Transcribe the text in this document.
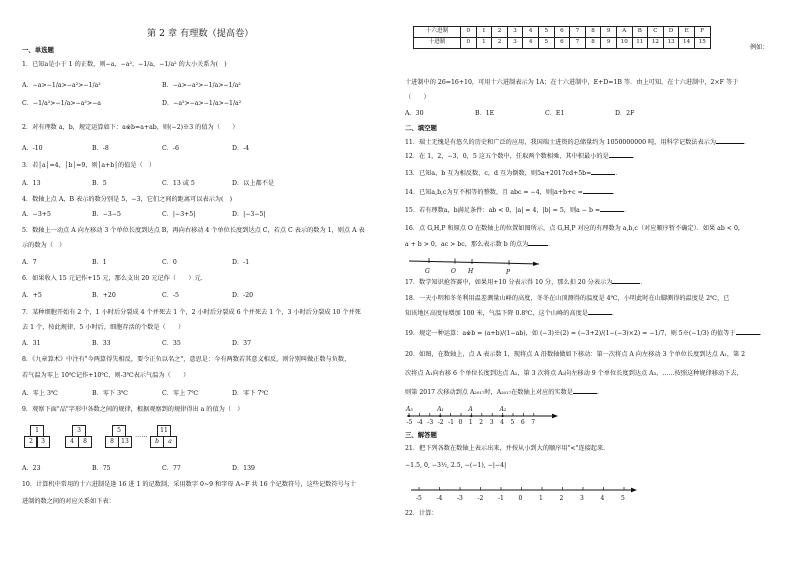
第 2 章 有理数（提高卷）
一、单选题
1．已知a是小于 1 的正数，则−a，−a²，−1/a，−1/a² 的大小关系为(　)
A．−a>−1/a>−a²>−1/a²	B．−a>−a²>−1/a>−1/a²
C．−1/a²>−1/a>−a²>−a	D．−a²>−a>−1/a>−1/a²
2．对有理数 a，b，规定运算如下：a※b=a+ab，则(−2)※3 的值为（　　）
A．-10	B．-8	C．-6	D．-4
3．若│a│=4，│b│=9，则│a+b│的值是（　）
A．13	B．5	C．13 或 5	D．以上都不是
4．数轴上点 A，B 表示的数分别是 5，−3，它们之间的距离可以表示为(　)
A．−3+5	B．−3−5	C．|−3+5|	D．|−3−5|
5．数轴上一动点 A 向左移动 3 个单位长度到达点 B，再向右移动 4 个单位长度到达点 C，若点 C 表示的数为 1，则点 A 表
示的数为（　）
A．7	B．1	C．0	D．-1
6．如果收入 15 元记作+15 元，那么支出 20 元记作（　　）元．
A．+5	B．+20	C．-5	D．-20
7．某种细胞开始有 2 个，1 小时后分裂成 4 个并死去 1 个，2 小时后分裂成 6 个并死去 1 个，3 小时后分裂成 10 个并死
去 1 个，按此规律，5 小时后，细胞存活的个数是（　　）
A．31	B．33	C．35	D．37
8．《九章算术》中注有"今两算得失相反，要令正负以名之"，意思是：今有两数若其意义相反，则分别叫做正数与负数，
若气温为零上 10℃记作+10℃，则-3℃表示气温为（　　）
A．零上 3℃	B．零下 3℃	C．零上 7℃	D．零下 7℃
9．观察下面"品"字形中各数之间的规律，根据观察到的规律得出 a 的值为（　）
1
2	3
3
4	8
5
8	13
……
11
b	a
A．23	B．75	C．77	D．139
10．计算机中常用的十六进制是逢 16 进 1 的记数制，采用数字 0~9 和字母 A~F 共 16 个记数符号，这些记数符号与十
进制的数之间的对应关系如下表：
十六进制	0	1	2	3	4	5	6	7	8	9	A	B	C	D	E	F
十进制	0	1	2	3	4	5	6	7	8	9	10	11	12	13	14	15
例如：
十进制中的 26=16+10，可用十六进制表示为 1A；在十六进制中，E+D=1B 等．由上可知，在十六进制中，2×F 等于
（　　）
A．30	B．1E	C．E1	D．2F
二、填空题
11．瑞士无愧是有悠久的历史和广泛的应用，我国瑞士进资的总储量约为 1050000000 吨，用科学记数法表示为	．
12．在 1，2，−3，0，5 这五个数中，任取两个数相乘，其中积最小的是	．
13．已知a，b 互为相反数，c，d 互为倒数，则5a+2017cd+5b=	．
14．已知a,b,c为互不相等的整数，且 abc = −4，则|a+b+c =	．
15．若有理数a，b满足条件：ab < 0，|a| = 4，|b| = 5，则a − b =	．
16．点 G,H,P 和原点 O 在数轴上的位置如图所示，点 G,H,P 对应的有理数为 a,b,c（对应顺序暂不确定）．如果 ab < 0，
a + b > 0，ac > bc，那么表示数 b 的点为	．
G	O H	P
17．数学知识抢答赛中，如果用+10 分表示得 10 分，那么扣 20 分表示为	．
18．一天小明和冬冬利用温差测量山峰的高度，冬冬在山顶测得的温度是 4℃，小明此时在山脚测得的温度是 2℃，已
知该地区高度每增加 100 米，气温下降 0.8℃，这个山峰的高度是	．
19．规定一种运算：a※b = (a+b)/(1−ab)，如 (−3)※(2) = (−3+2)/(1−(−3)×2) = −1/7，则 5※(−1/3) 的值等于	．
20．如图，在数轴上，点 A 表示数 1，现将点 A 沿数轴做如下移动：第一次将点 A 向左移动 3 个单位长度到达点 A₁，第 2
次将点 A₁向右移 6 个单位长度到达点 A₂，第 3 次将点 A₂向左移动 9 个单位长度到达点 A₃，……按照这种规律移动下去，
则第 2017 次移动到点 A₂₀₁₇时，A₂₀₁₇在数轴上对应的实数是	．
-5 -4 -3 -2 -1 0 1 2 3 4 5 6 7
A₃	A₁	A	A₂
三、解答题
21．把下列各数在数轴上表示出来，并按从小到大的顺序用"<"连接起来．
−1.5, 0, −3½, 2.5, −(−1), −|−4|
-5 -4 -3 -2 -1 0	1	2	3	4	5
22．计算：
